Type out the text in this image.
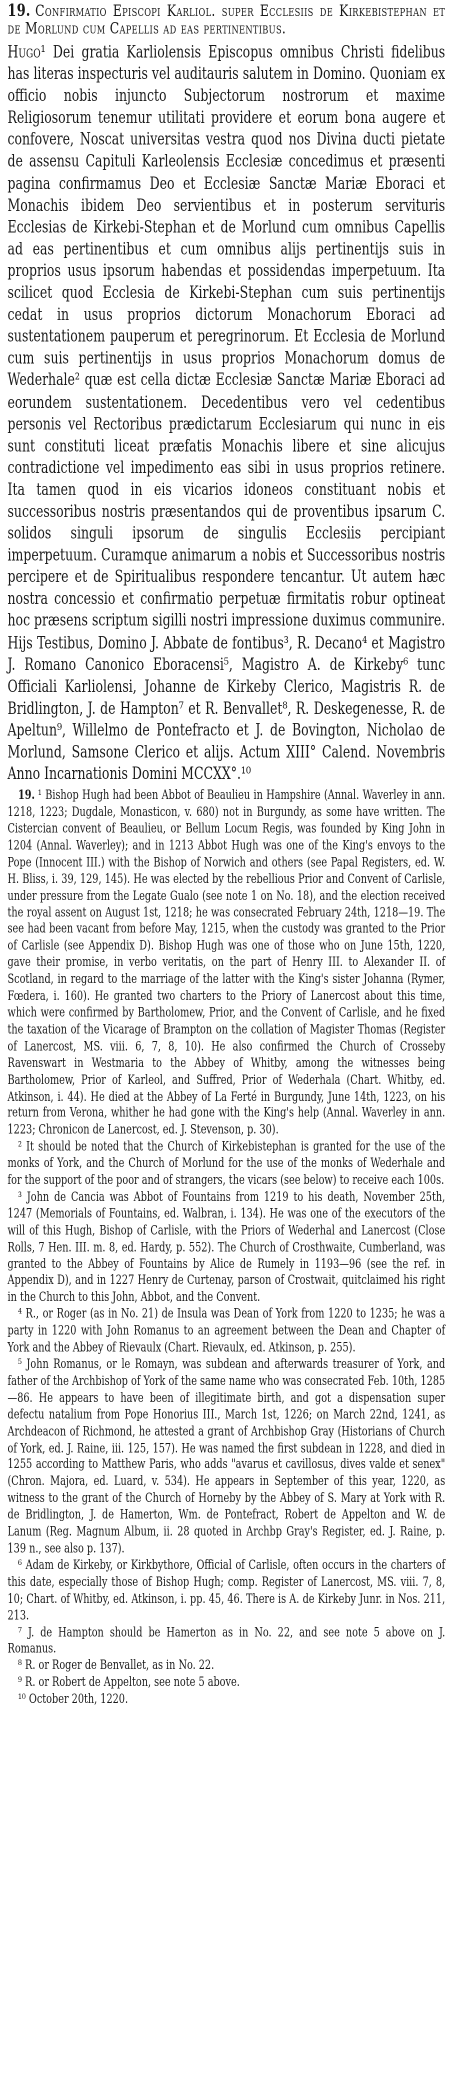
19. Confirmatio Episcopi Karliol. super Ecclesiis de Kirkebistephan et de Morlund cum Capellis ad eas pertinentibus.

Hugo¹ Dei gratia Karliolensis Episcopus omnibus Christi fidelibus has literas inspecturis vel auditauris salutem in Domino. Quoniam ex officio nobis injuncto Subjectorum nostrorum et maxime Religiosorum tenemur utilitati providere et eorum bona augere et confovere, Noscat universitas vestra quod nos Divina ducti pietate de assensu Capituli Karleolensis Ecclesiæ concedimus et præsenti pagina confirmamus Deo et Ecclesiæ Sanctæ Mariæ Eboraci et Monachis ibidem Deo servientibus et in posterum servituris Ecclesias de Kirkebi-Stephan et de Morlund cum omnibus Capellis ad eas pertinentibus et cum omnibus alijs pertinentijs suis in proprios usus ipsorum habendas et possidendas imperpetuum. Ita scilicet quod Ecclesia de Kirkebi-Stephan cum suis pertinentijs cedat in usus proprios dictorum Monachorum Eboraci ad sustentationem pauperum et peregrinorum. Et Ecclesia de Morlund cum suis pertinentijs in usus proprios Monachorum domus de Wederhale² quæ est cella dictæ Ecclesiæ Sanctæ Mariæ Eboraci ad eorundem sustentationem. Decedentibus vero vel cedentibus personis vel Rectoribus prædictarum Ecclesiarum qui nunc in eis sunt constituti liceat præfatis Monachis libere et sine alicujus contradictione vel impedimento eas sibi in usus proprios retinere. Ita tamen quod in eis vicarios idoneos constituant nobis et successoribus nostris præsentandos qui de proventibus ipsarum C. solidos singuli ipsorum de singulis Ecclesiis percipiant imperpetuum. Curamque animarum a nobis et Successoribus nostris percipere et de Spiritualibus respondere tencantur. Ut autem hæc nostra concessio et confirmatio perpetuæ firmitatis robur optineat hoc præsens scriptum sigilli nostri impressione duximus communire. Hijs Testibus, Domino J. Abbate de fontibus³, R. Decano⁴ et Magistro J. Romano Canonico Eboracensi⁵, Magistro A. de Kirkeby⁶ tunc Officiali Karliolensi, Johanne de Kirkeby Clerico, Magistris R. de Bridlington, J. de Hampton⁷ et R. Benvallet⁸, R. Deskegenesse, R. de Apeltun⁹, Willelmo de Pontefracto et J. de Bovington, Nicholao de Morlund, Samsone Clerico et alijs. Actum XIII° Calend. Novembris Anno Incarnationis Domini MCCXX°.¹⁰

19. ¹ Bishop Hugh had been Abbot of Beaulieu in Hampshire (Annal. Waverley in ann. 1218, 1223; Dugdale, Monasticon, v. 680) not in Burgundy, as some have written. The Cistercian convent of Beaulieu, or Bellum Locum Regis, was founded by King John in 1204 (Annal. Waverley); and in 1213 Abbot Hugh was one of the King's envoys to the Pope (Innocent III.) with the Bishop of Norwich and others (see Papal Registers, ed. W. H. Bliss, i. 39, 129, 145). He was elected by the rebellious Prior and Convent of Carlisle, under pressure from the Legate Gualo (see note 1 on No. 18), and the election received the royal assent on August 1st, 1218; he was consecrated February 24th, 1218—19. The see had been vacant from before May, 1215, when the custody was granted to the Prior of Carlisle (see Appendix D). Bishop Hugh was one of those who on June 15th, 1220, gave their promise, in verbo veritatis, on the part of Henry III. to Alexander II. of Scotland, in regard to the marriage of the latter with the King's sister Johanna (Rymer, Fœdera, i. 160). He granted two charters to the Priory of Lanercost about this time, which were confirmed by Bartholomew, Prior, and the Convent of Carlisle, and he fixed the taxation of the Vicarage of Brampton on the collation of Magister Thomas (Register of Lanercost, MS. viii. 6, 7, 8, 10). He also confirmed the Church of Crosseby Ravenswart in Westmaria to the Abbey of Whitby, among the witnesses being Bartholomew, Prior of Karleol, and Suffred, Prior of Wederhala (Chart. Whitby, ed. Atkinson, i. 44). He died at the Abbey of La Ferté in Burgundy, June 14th, 1223, on his return from Verona, whither he had gone with the King's help (Annal. Waverley in ann. 1223; Chronicon de Lanercost, ed. J. Stevenson, p. 30).

² It should be noted that the Church of Kirkebistephan is granted for the use of the monks of York, and the Church of Morlund for the use of the monks of Wederhale and for the support of the poor and of strangers, the vicars (see below) to receive each 100s.

³ John de Cancia was Abbot of Fountains from 1219 to his death, November 25th, 1247 (Memorials of Fountains, ed. Walbran, i. 134). He was one of the executors of the will of this Hugh, Bishop of Carlisle, with the Priors of Wederhal and Lanercost (Close Rolls, 7 Hen. III. m. 8, ed. Hardy, p. 552). The Church of Crosthwaite, Cumberland, was granted to the Abbey of Fountains by Alice de Rumely in 1193—96 (see the ref. in Appendix D), and in 1227 Henry de Curtenay, parson of Crostwait, quitclaimed his right in the Church to this John, Abbot, and the Convent.

⁴ R., or Roger (as in No. 21) de Insula was Dean of York from 1220 to 1235; he was a party in 1220 with John Romanus to an agreement between the Dean and Chapter of York and the Abbey of Rievaulx (Chart. Rievaulx, ed. Atkinson, p. 255).

⁵ John Romanus, or le Romayn, was subdean and afterwards treasurer of York, and father of the Archbishop of York of the same name who was consecrated Feb. 10th, 1285—86. He appears to have been of illegitimate birth, and got a dispensation super defectu natalium from Pope Honorius III., March 1st, 1226; on March 22nd, 1241, as Archdeacon of Richmond, he attested a grant of Archbishop Gray (Historians of Church of York, ed. J. Raine, iii. 125, 157). He was named the first subdean in 1228, and died in 1255 according to Matthew Paris, who adds "avarus et cavillosus, dives valde et senex" (Chron. Majora, ed. Luard, v. 534). He appears in September of this year, 1220, as witness to the grant of the Church of Horneby by the Abbey of S. Mary at York with R. de Bridlington, J. de Hamerton, Wm. de Pontefract, Robert de Appelton and W. de Lanum (Reg. Magnum Album, ii. 28 quoted in Archbp Gray's Register, ed. J. Raine, p. 139 n., see also p. 137).

⁶ Adam de Kirkeby, or Kirkbythore, Official of Carlisle, often occurs in the charters of this date, especially those of Bishop Hugh; comp. Register of Lanercost, MS. viii. 7, 8, 10; Chart. of Whitby, ed. Atkinson, i. pp. 45, 46. There is A. de Kirkeby Junr. in Nos. 211, 213.

⁷ J. de Hampton should be Hamerton as in No. 22, and see note 5 above on J. Romanus.

⁸ R. or Roger de Benvallet, as in No. 22.

⁹ R. or Robert de Appelton, see note 5 above.

¹⁰ October 20th, 1220.
